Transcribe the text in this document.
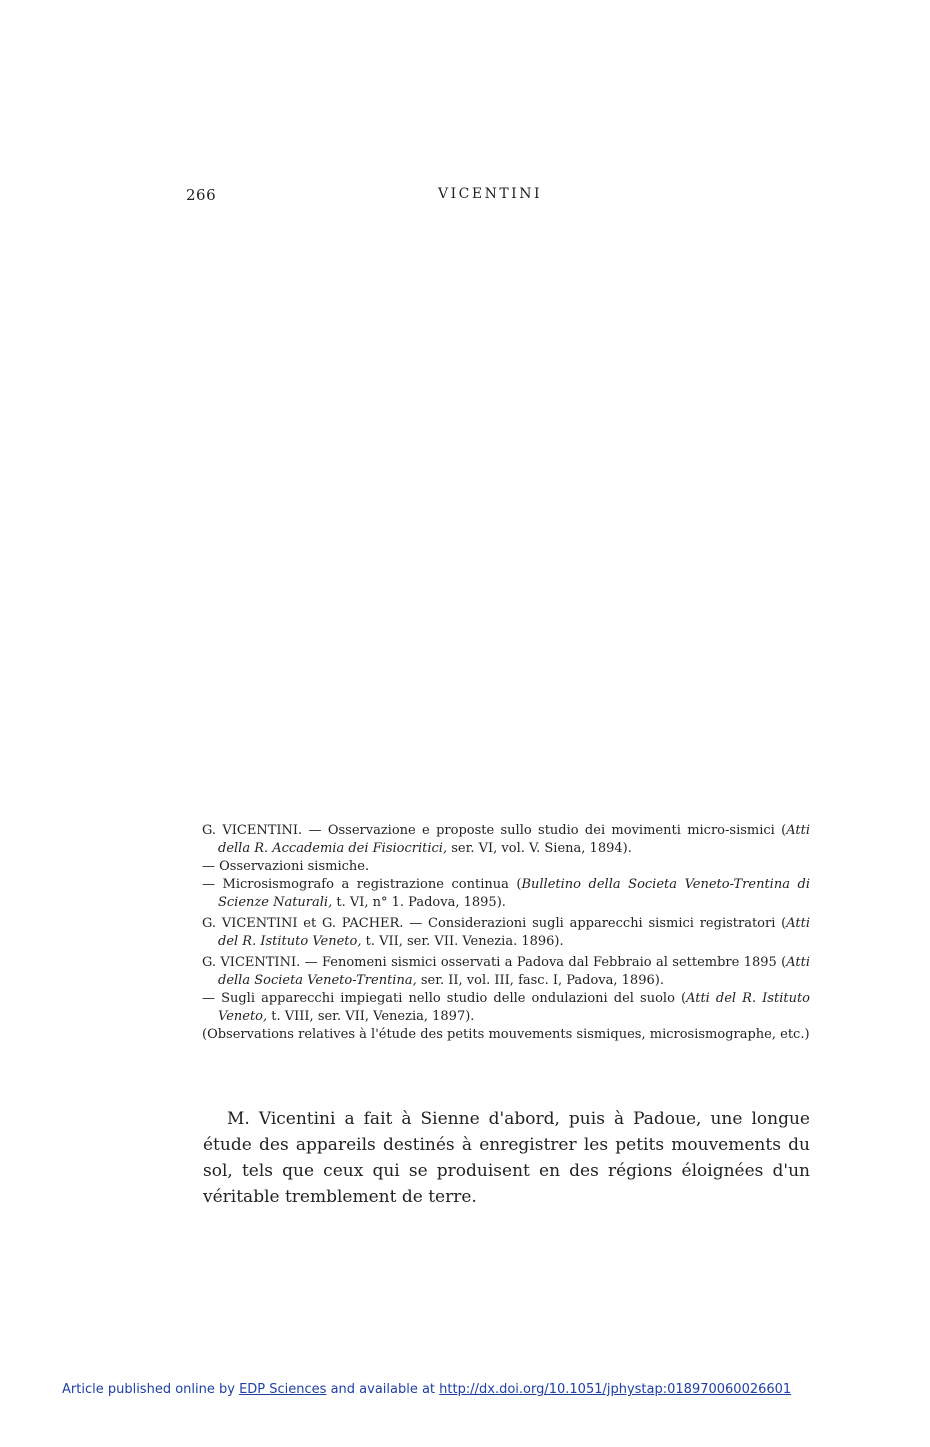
266	VICENTINI

G. VICENTINI. — Osservazione e proposte sullo studio dei movimenti micro-sismici (Atti della R. Accademia dei Fisiocritici, ser. VI, vol. V. Siena, 1894).

— Osservazioni sismiche.

— Microsismografo a registrazione continua (Bulletino della Societa Veneto-Trentina di Scienze Naturali, t. VI, n° 1. Padova, 1895).

G. VICENTINI et G. PACHER. — Considerazioni sugli apparecchi sismici registratori (Atti del R. Istituto Veneto, t. VII, ser. VII. Venezia. 1896).

G. VICENTINI. — Fenomeni sismici osservati a Padova dal Febbraio al settembre 1895 (Atti della Societa Veneto-Trentina, ser. II, vol. III, fasc. I, Padova, 1896).

— Sugli apparecchi impiegati nello studio delle ondulazioni del suolo (Atti del R. Istituto Veneto, t. VIII, ser. VII, Venezia, 1897).

(Observations relatives à l'étude des petits mouvements sismiques, microsismographe, etc.)

M. Vicentini a fait à Sienne d'abord, puis à Padoue, une longue étude des appareils destinés à enregistrer les petits mouvements du sol, tels que ceux qui se produisent en des régions éloignées d'un véritable tremblement de terre.

Article published online by EDP Sciences and available at http://dx.doi.org/10.1051/jphystap:018970060026601
